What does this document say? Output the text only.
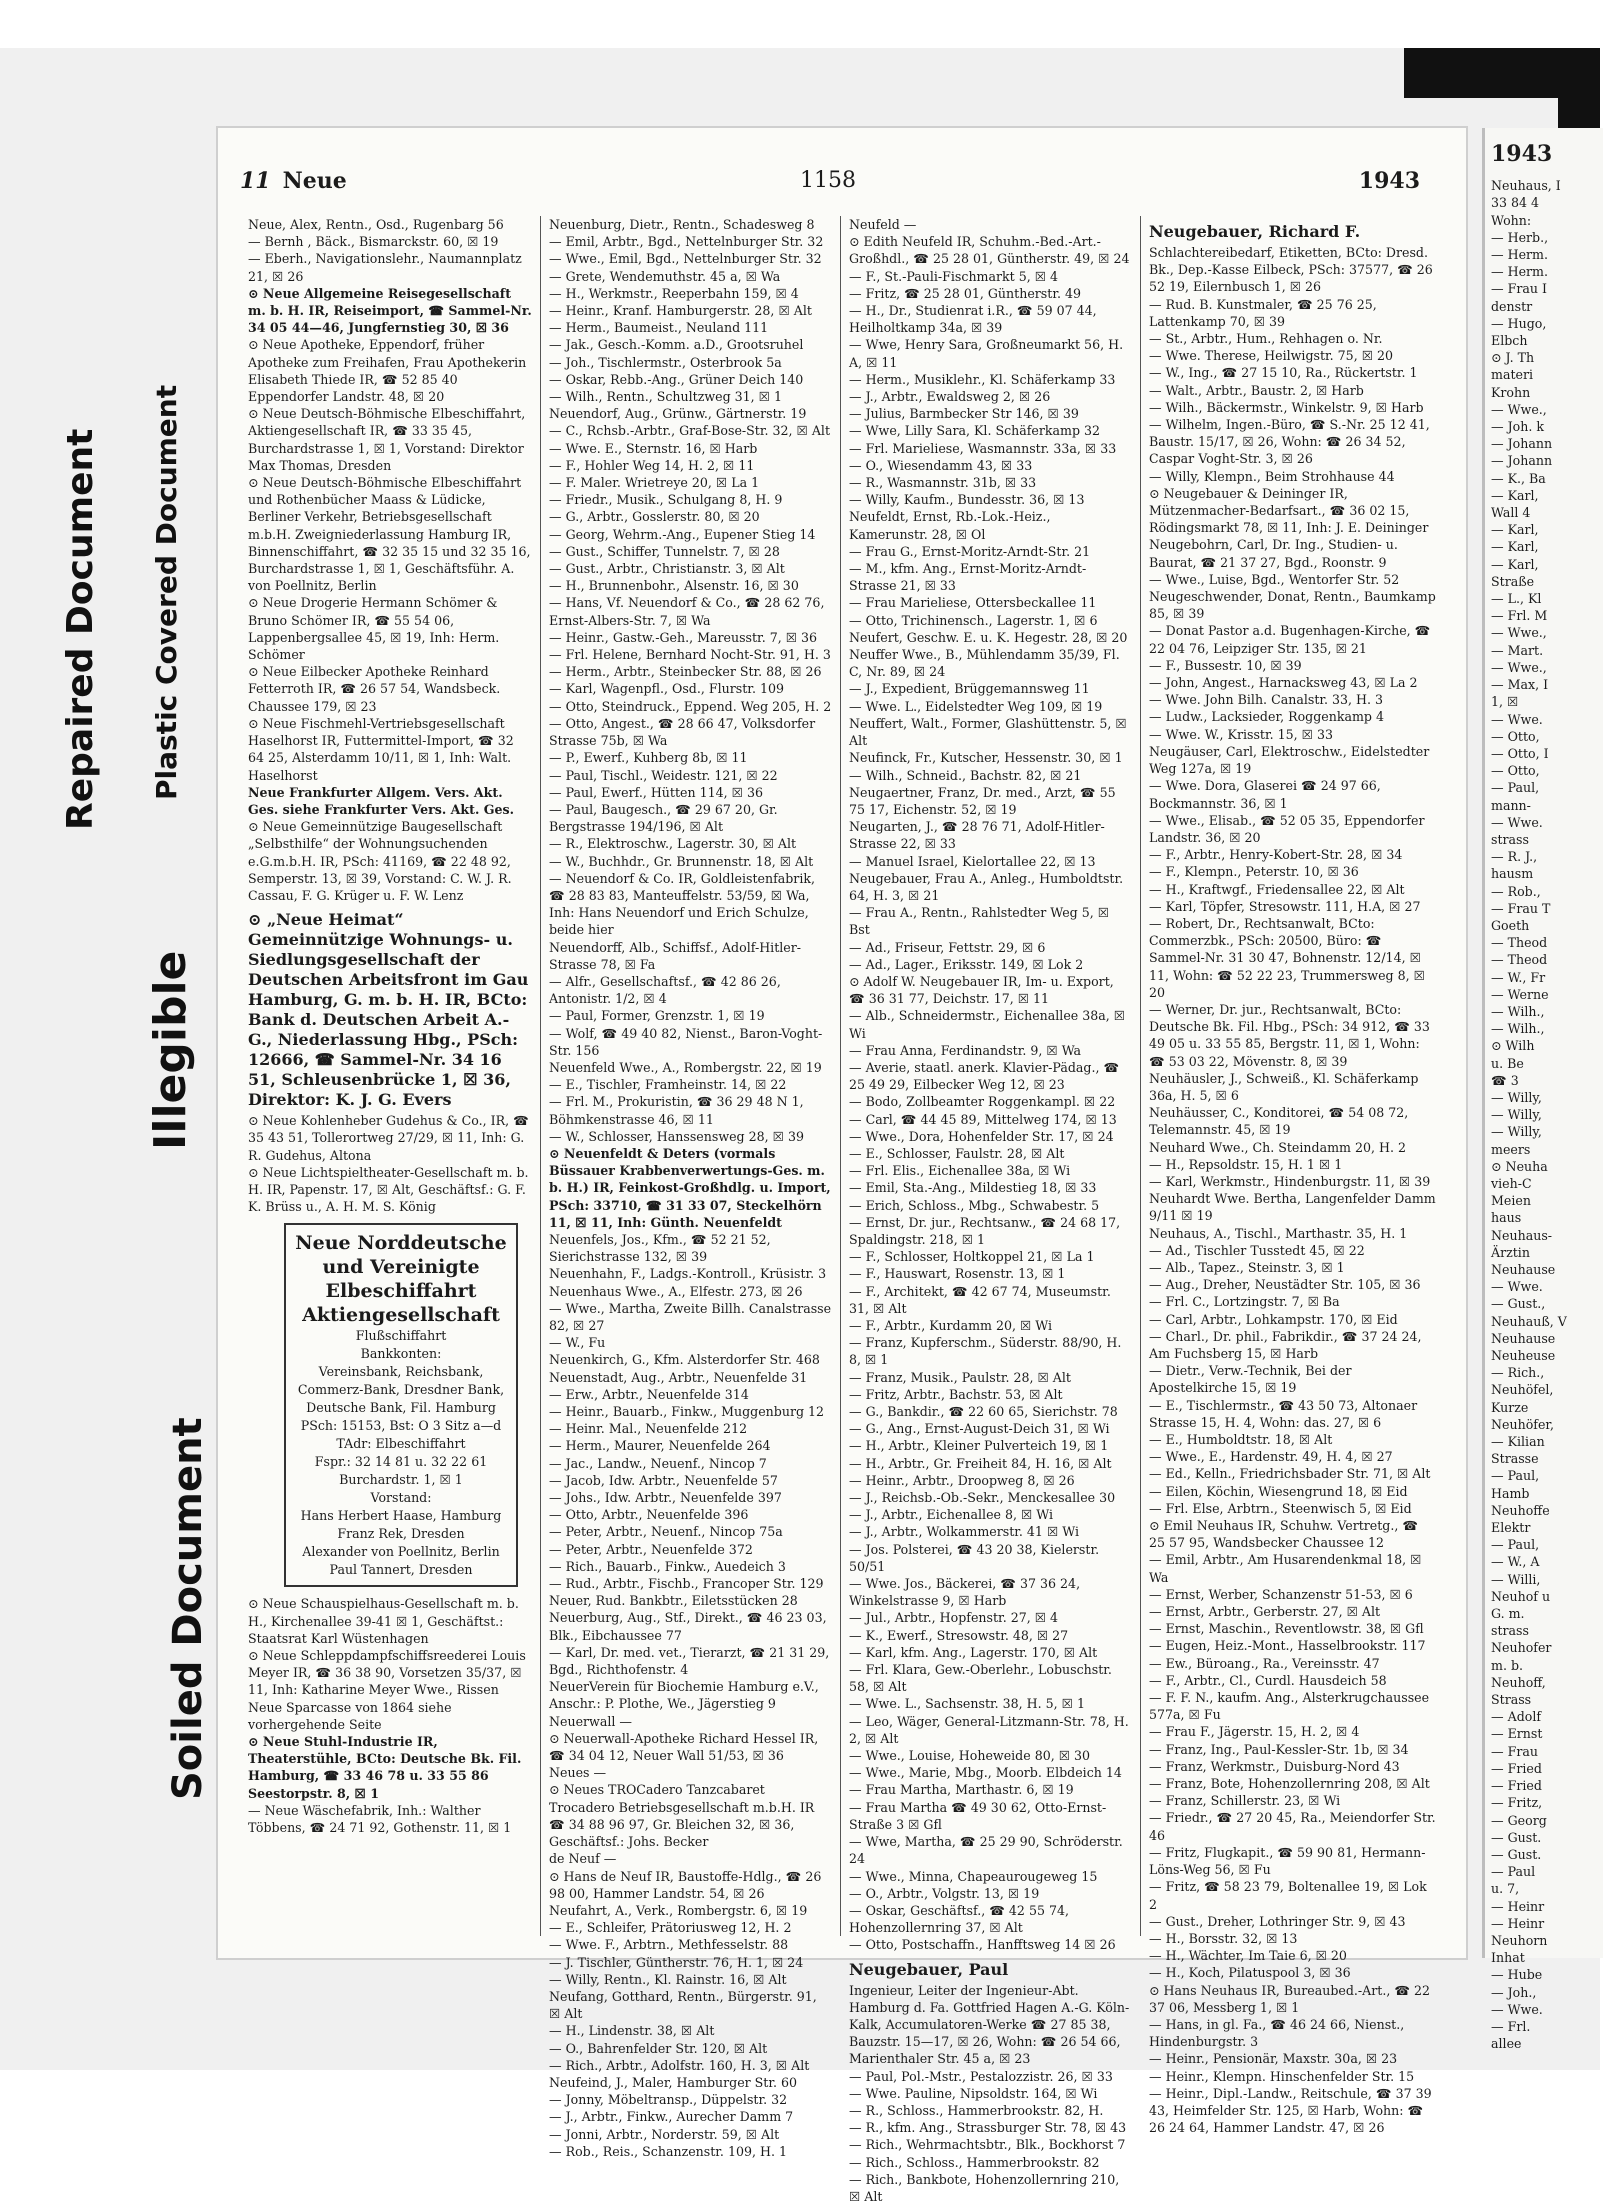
Repaired Document Plastic Covered Document
Illegible
Soiled Document
11 Neue	1158	1943

Neue, Alex, Rentn., Osd., Rugenbarg 56

— Bernh , Bäck., Bismarckstr. 60, ☒ 19

— Eberh., Navigationslehr., Naumannplatz 21, ☒ 26

⊙ Neue Allgemeine Reisegesellschaft m. b. H. IR, Reiseimport, ☎ Sammel-Nr. 34 05 44—46, Jungfernstieg 30, ☒ 36

⊙ Neue Apotheke, Eppendorf, früher Apotheke zum Freihafen, Frau Apothekerin Elisabeth Thiede IR, ☎ 52 85 40 Eppendorfer Landstr. 48, ☒ 20

⊙ Neue Deutsch-Böhmische Elbeschiffahrt, Aktiengesellschaft IR, ☎ 33 35 45, Burchardstrasse 1, ☒ 1, Vorstand: Direktor Max Thomas, Dresden

⊙ Neue Deutsch-Böhmische Elbeschiffahrt und Rothenbücher Maass & Lüdicke, Berliner Verkehr, Betriebsgesellschaft m.b.H. Zweigniederlassung Hamburg IR, Binnenschiffahrt, ☎ 32 35 15 und 32 35 16, Burchardstrasse 1, ☒ 1, Geschäftsführ. A. von Poellnitz, Berlin

⊙ Neue Drogerie Hermann Schömer & Bruno Schömer IR, ☎ 55 54 06, Lappenbergsallee 45, ☒ 19, Inh: Herm. Schömer

⊙ Neue Eilbecker Apotheke Reinhard Fetterroth IR, ☎ 26 57 54, Wandsbeck. Chaussee 179, ☒ 23

⊙ Neue Fischmehl-Vertriebsgesellschaft Haselhorst IR, Futtermittel-Import, ☎ 32 64 25, Alsterdamm 10/11, ☒ 1, Inh: Walt. Haselhorst

Neue Frankfurter Allgem. Vers. Akt. Ges. siehe Frankfurter Vers. Akt. Ges.

⊙ Neue Gemeinnützige Baugesellschaft „Selbsthilfe“ der Wohnungsuchenden e.G.m.b.H. IR, PSch: 41169, ☎ 22 48 92, Semperstr. 13, ☒ 39, Vorstand: C. W. J. R. Cassau, F. G. Krüger u. F. W. Lenz

⊙ „Neue Heimat“ Gemeinnützige Wohnungs- u. Siedlungsgesellschaft der Deutschen Arbeitsfront im Gau Hamburg, G. m. b. H. IR, BCto: Bank d. Deutschen Arbeit A.-G., Niederlassung Hbg., PSch: 12666, ☎ Sammel-Nr. 34 16 51, Schleusenbrücke 1, ☒ 36, Direktor: K. J. G. Evers

⊙ Neue Kohlenheber Gudehus & Co., IR, ☎ 35 43 51, Tollerortweg 27/29, ☒ 11, Inh: G. R. Gudehus, Altona

⊙ Neue Lichtspieltheater-Gesellschaft m. b. H. IR, Papenstr. 17, ☒ Alt, Geschäftsf.: G. F. K. Brüss u., A. H. M. S. König

Neue Norddeutsche und Vereinigte Elbeschiffahrt Aktiengesellschaft
Flußschiffahrt
Bankkonten:
Vereinsbank, Reichsbank, Commerz-Bank, Dresdner Bank, Deutsche Bank, Fil. Hamburg
PSch: 15153, Bst: O 3 Sitz a—d
TAdr: Elbeschiffahrt
Fspr.: 32 14 81 u. 32 22 61
Burchardstr. 1, ☒ 1
Vorstand:
Hans Herbert Haase, Hamburg
Franz Rek, Dresden
Alexander von Poellnitz, Berlin
Paul Tannert, Dresden

⊙ Neue Schauspielhaus-Gesellschaft m. b. H., Kirchenallee 39-41 ☒ 1, Geschäftst.: Staatsrat Karl Wüstenhagen

⊙ Neue Schleppdampfschiffsreederei Louis Meyer IR, ☎ 36 38 90, Vorsetzen 35/37, ☒ 11, Inh: Katharine Meyer Wwe., Rissen

Neue Sparcasse von 1864 siehe vorhergehende Seite

⊙ Neue Stuhl-Industrie IR, Theaterstühle, BCto: Deutsche Bk. Fil. Hamburg, ☎ 33 46 78 u. 33 55 86 Seestorpstr. 8, ☒ 1

— Neue Wäschefabrik, Inh.: Walther Többens, ☎ 24 71 92, Gothenstr. 11, ☒ 1

Neuenburg, Dietr., Rentn., Schadesweg 8

— Emil, Arbtr., Bgd., Nettelnburger Str. 32

— Wwe., Emil, Bgd., Nettelnburger Str. 32

— Grete, Wendemuthstr. 45 a, ☒ Wa

— H., Werkmstr., Reeperbahn 159, ☒ 4

— Heinr., Kranf. Hamburgerstr. 28, ☒ Alt

— Herm., Baumeist., Neuland 111

— Jak., Gesch.-Komm. a.D., Grootsruhel

— Joh., Tischlermstr., Osterbrook 5a

— Oskar, Rebb.-Ang., Grüner Deich 140

— Wilh., Rentn., Schultzweg 31, ☒ 1

Neuendorf, Aug., Grünw., Gärtnerstr. 19

— C., Rchsb.-Arbtr., Graf-Bose-Str. 32, ☒ Alt

— Wwe. E., Sternstr. 16, ☒ Harb

— F., Hohler Weg 14, H. 2, ☒ 11

— F. Maler. Wrietreye 20, ☒ La 1

— Friedr., Musik., Schulgang 8, H. 9

— G., Arbtr., Gosslerstr. 80, ☒ 20

— Georg, Wehrm.-Ang., Eupener Stieg 14

— Gust., Schiffer, Tunnelstr. 7, ☒ 28

— Gust., Arbtr., Christianstr. 3, ☒ Alt

— H., Brunnenbohr., Alsenstr. 16, ☒ 30

— Hans, Vf. Neuendorf & Co., ☎ 28 62 76, Ernst-Albers-Str. 7, ☒ Wa

— Heinr., Gastw.-Geh., Mareusstr. 7, ☒ 36

— Frl. Helene, Bernhard Nocht-Str. 91, H. 3

— Herm., Arbtr., Steinbecker Str. 88, ☒ 26

— Karl, Wagenpfl., Osd., Flurstr. 109

— Otto, Steindruck., Eppend. Weg 205, H. 2

— Otto, Angest., ☎ 28 66 47, Volksdorfer Strasse 75b, ☒ Wa

— P., Ewerf., Kuhberg 8b, ☒ 11

— Paul, Tischl., Weidestr. 121, ☒ 22

— Paul, Ewerf., Hütten 114, ☒ 36

— Paul, Baugesch., ☎ 29 67 20, Gr. Bergstrasse 194/196, ☒ Alt

— R., Elektroschw., Lagerstr. 30, ☒ Alt

— W., Buchhdr., Gr. Brunnenstr. 18, ☒ Alt

— Neuendorf & Co. IR, Goldleistenfabrik, ☎ 28 83 83, Manteuffelstr. 53/59, ☒ Wa, Inh: Hans Neuendorf und Erich Schulze, beide hier

Neuendorff, Alb., Schiffsf., Adolf-Hitler-Strasse 78, ☒ Fa

— Alfr., Gesellschaftsf., ☎ 42 86 26, Antonistr. 1/2, ☒ 4

— Paul, Former, Grenzstr. 1, ☒ 19

— Wolf, ☎ 49 40 82, Nienst., Baron-Voght-Str. 156

Neuenfeld Wwe., A., Rombergstr. 22, ☒ 19

— E., Tischler, Framheinstr. 14, ☒ 22

— Frl. M., Prokuristin, ☎ 36 29 48 N 1, Böhmkenstrasse 46, ☒ 11

— W., Schlosser, Hanssensweg 28, ☒ 39

⊙ Neuenfeldt & Deters (vormals Büssauer Krabbenverwertungs-Ges. m. b. H.) IR, Feinkost-Großhdlg. u. Import, PSch: 33710, ☎ 31 33 07, Steckelhörn 11, ☒ 11, Inh: Günth. Neuenfeldt

Neuenfels, Jos., Kfm., ☎ 52 21 52, Sierichstrasse 132, ☒ 39

Neuenhahn, F., Ladgs.-Kontroll., Krüsistr. 3

Neuenhaus Wwe., A., Elfestr. 273, ☒ 26

— Wwe., Martha, Zweite Billh. Canalstrasse 82, ☒ 27

— W., Fu

Neuenkirch, G., Kfm. Alsterdorfer Str. 468

Neuenstadt, Aug., Arbtr., Neuenfelde 31

— Erw., Arbtr., Neuenfelde 314

— Heinr., Bauarb., Finkw., Muggenburg 12

— Heinr. Mal., Neuenfelde 212

— Herm., Maurer, Neuenfelde 264

— Jac., Landw., Neuenf., Nincop 7

— Jacob, Idw. Arbtr., Neuenfelde 57

— Johs., Idw. Arbtr., Neuenfelde 397

— Otto, Arbtr., Neuenfelde 396

— Peter, Arbtr., Neuenf., Nincop 75a

— Peter, Arbtr., Neuenfelde 372

— Rich., Bauarb., Finkw., Auedeich 3

— Rud., Arbtr., Fischb., Francoper Str. 129

Neuer, Rud. Bankbtr., Eiletsstücken 28

Neuerburg, Aug., Stf., Direkt., ☎ 46 23 03, Blk., Eibchaussee 77

— Karl, Dr. med. vet., Tierarzt, ☎ 21 31 29, Bgd., Richthofenstr. 4

NeuerVerein für Biochemie Hamburg e.V., Anschr.: P. Plothe, We., Jägerstieg 9

Neuerwall —

⊙ Neuerwall-Apotheke Richard Hessel IR, ☎ 34 04 12, Neuer Wall 51/53, ☒ 36

Neues —

⊙ Neues TROCadero Tanzcabaret Trocadero Betriebsgesellschaft m.b.H. IR ☎ 34 88 96 97, Gr. Bleichen 32, ☒ 36, Geschäftsf.: Johs. Becker

de Neuf —

⊙ Hans de Neuf IR, Baustoffe-Hdlg., ☎ 26 98 00, Hammer Landstr. 54, ☒ 26

Neufahrt, A., Verk., Rombergstr. 6, ☒ 19

— E., Schleifer, Prätoriusweg 12, H. 2

— Wwe. F., Arbtrn., Methfesselstr. 88

— J. Tischler, Güntherstr. 76, H. 1, ☒ 24

— Willy, Rentn., Kl. Rainstr. 16, ☒ Alt

Neufang, Gotthard, Rentn., Bürgerstr. 91, ☒ Alt

— H., Lindenstr. 38, ☒ Alt

— O., Bahrenfelder Str. 120, ☒ Alt

— Rich., Arbtr., Adolfstr. 160, H. 3, ☒ Alt

Neufeind, J., Maler, Hamburger Str. 60

— Jonny, Möbeltransp., Düppelstr. 32

— J., Arbtr., Finkw., Aurecher Damm 7

— Jonni, Arbtr., Norderstr. 59, ☒ Alt

— Rob., Reis., Schanzenstr. 109, H. 1

Neufeld —

⊙ Edith Neufeld IR, Schuhm.-Bed.-Art.-Großhdl., ☎ 25 28 01, Güntherstr. 49, ☒ 24

— F., St.-Pauli-Fischmarkt 5, ☒ 4

— Fritz, ☎ 25 28 01, Güntherstr. 49

— H., Dr., Studienrat i.R., ☎ 59 07 44, Heilholtkamp 34a, ☒ 39

— Wwe, Henry Sara, Großneumarkt 56, H. A, ☒ 11

— Herm., Musiklehr., Kl. Schäferkamp 33

— J., Arbtr., Ewaldsweg 2, ☒ 26

— Julius, Barmbecker Str 146, ☒ 39

— Wwe, Lilly Sara, Kl. Schäferkamp 32

— Frl. Marieliese, Wasmannstr. 33a, ☒ 33

— O., Wiesendamm 43, ☒ 33

— R., Wasmannstr. 31b, ☒ 33

— Willy, Kaufm., Bundesstr. 36, ☒ 13

Neufeldt, Ernst, Rb.-Lok.-Heiz., Kamerunstr. 28, ☒ Ol

— Frau G., Ernst-Moritz-Arndt-Str. 21

— M., kfm. Ang., Ernst-Moritz-Arndt-Strasse 21, ☒ 33

— Frau Marieliese, Ottersbeckallee 11

— Otto, Trichinensch., Lagerstr. 1, ☒ 6

Neufert, Geschw. E. u. K. Hegestr. 28, ☒ 20

Neuffer Wwe., B., Mühlendamm 35/39, Fl. C, Nr. 89, ☒ 24

— J., Expedient, Brüggemannsweg 11

— Wwe. L., Eidelstedter Weg 109, ☒ 19

Neuffert, Walt., Former, Glashüttenstr. 5, ☒ Alt

Neufinck, Fr., Kutscher, Hessenstr. 30, ☒ 1

— Wilh., Schneid., Bachstr. 82, ☒ 21

Neugaertner, Franz, Dr. med., Arzt, ☎ 55 75 17, Eichenstr. 52, ☒ 19

Neugarten, J., ☎ 28 76 71, Adolf-Hitler-Strasse 22, ☒ 33

— Manuel Israel, Kielortallee 22, ☒ 13

Neugebauer, Frau A., Anleg., Humboldtstr. 64, H. 3, ☒ 21

— Frau A., Rentn., Rahlstedter Weg 5, ☒ Bst

— Ad., Friseur, Fettstr. 29, ☒ 6

— Ad., Lager., Eriksstr. 149, ☒ Lok 2

⊙ Adolf W. Neugebauer IR, Im- u. Export, ☎ 36 31 77, Deichstr. 17, ☒ 11

— Alb., Schneidermstr., Eichenallee 38a, ☒ Wi

— Frau Anna, Ferdinandstr. 9, ☒ Wa

— Averie, staatl. anerk. Klavier-Pädag., ☎ 25 49 29, Eilbecker Weg 12, ☒ 23

— Bodo, Zollbeamter Roggenkampl. ☒ 22

— Carl, ☎ 44 45 89, Mittelweg 174, ☒ 13

— Wwe., Dora, Hohenfelder Str. 17, ☒ 24

— E., Schlosser, Faulstr. 28, ☒ Alt

— Frl. Elis., Eichenallee 38a, ☒ Wi

— Emil, Sta.-Ang., Mildestieg 18, ☒ 33

— Erich, Schloss., Mbg., Schwabestr. 5

— Ernst, Dr. jur., Rechtsanw., ☎ 24 68 17, Spaldingstr. 218, ☒ 1

— F., Schlosser, Holtkoppel 21, ☒ La 1

— F., Hauswart, Rosenstr. 13, ☒ 1

— F., Architekt, ☎ 42 67 74, Museumstr. 31, ☒ Alt

— F., Arbtr., Kurdamm 20, ☒ Wi

— Franz, Kupferschm., Süderstr. 88/90, H. 8, ☒ 1

— Franz, Musik., Paulstr. 28, ☒ Alt

— Fritz, Arbtr., Bachstr. 53, ☒ Alt

— G., Bankdir., ☎ 22 60 65, Sierichstr. 78

— G., Ang., Ernst-August-Deich 31, ☒ Wi

— H., Arbtr., Kleiner Pulverteich 19, ☒ 1

— H., Arbtr., Gr. Freiheit 84, H. 16, ☒ Alt

— Heinr., Arbtr., Droopweg 8, ☒ 26

— J., Reichsb.-Ob.-Sekr., Menckesallee 30

— J., Arbtr., Eichenallee 8, ☒ Wi

— J., Arbtr., Wolkammerstr. 41 ☒ Wi

— Jos. Polsterei, ☎ 43 20 38, Kielerstr. 50/51

— Wwe. Jos., Bäckerei, ☎ 37 36 24, Winkelstrasse 9, ☒ Harb

— Jul., Arbtr., Hopfenstr. 27, ☒ 4

— K., Ewerf., Stresowstr. 48, ☒ 27

— Karl, kfm. Ang., Lagerstr. 170, ☒ Alt

— Frl. Klara, Gew.-Oberlehr., Lobuschstr. 58, ☒ Alt

— Wwe. L., Sachsenstr. 38, H. 5, ☒ 1

— Leo, Wäger, General-Litzmann-Str. 78, H. 2, ☒ Alt

— Wwe., Louise, Hoheweide 80, ☒ 30

— Wwe., Marie, Mbg., Moorb. Elbdeich 14

— Frau Martha, Marthastr. 6, ☒ 19

— Frau Martha ☎ 49 30 62, Otto-Ernst-Straße 3 ☒ Gfl

— Wwe, Martha, ☎ 25 29 90, Schröderstr. 24

— Wwe., Minna, Chapeaurougeweg 15

— O., Arbtr., Volgstr. 13, ☒ 19

— Oskar, Geschäftsf., ☎ 42 55 74, Hohenzollernring 37, ☒ Alt

— Otto, Postschaffn., Hanfftsweg 14 ☒ 26

Neugebauer, Paul

Ingenieur, Leiter der Ingenieur-Abt. Hamburg d. Fa. Gottfried Hagen A.-G. Köln-Kalk, Accumulatoren-Werke ☎ 27 85 38, Bauzstr. 15—17, ☒ 26, Wohn: ☎ 26 54 66, Marienthaler Str. 45 a, ☒ 23

— Paul, Pol.-Mstr., Pestalozzistr. 26, ☒ 33

— Wwe. Pauline, Nipsoldstr. 164, ☒ Wi

— R., Schloss., Hammerbrookstr. 82, H.

— R., kfm. Ang., Strassburger Str. 78, ☒ 43

— Rich., Wehrmachtsbtr., Blk., Bockhorst 7

— Rich., Schloss., Hammerbrookstr. 82

— Rich., Bankbote, Hohenzollernring 210, ☒ Alt

Neugebauer, Richard F.

Schlachtereibedarf, Etiketten, BCto: Dresd. Bk., Dep.-Kasse Eilbeck, PSch: 37577, ☎ 26 52 19, Eilernbusch 1, ☒ 26

— Rud. B. Kunstmaler, ☎ 25 76 25, Lattenkamp 70, ☒ 39

— St., Arbtr., Hum., Rehhagen o. Nr.

— Wwe. Therese, Heilwigstr. 75, ☒ 20

— W., Ing., ☎ 27 15 10, Ra., Rückertstr. 1

— Walt., Arbtr., Baustr. 2, ☒ Harb

— Wilh., Bäckermstr., Winkelstr. 9, ☒ Harb

— Wilhelm, Ingen.-Büro, ☎ S.-Nr. 25 12 41, Baustr. 15/17, ☒ 26, Wohn: ☎ 26 34 52, Caspar Voght-Str. 3, ☒ 26

— Willy, Klempn., Beim Strohhause 44

⊙ Neugebauer & Deininger IR, Mützenmacher-Bedarfsart., ☎ 36 02 15, Rödingsmarkt 78, ☒ 11, Inh: J. E. Deininger

Neugebohrn, Carl, Dr. Ing., Studien- u. Baurat, ☎ 21 37 27, Bgd., Roonstr. 9

— Wwe., Luise, Bgd., Wentorfer Str. 52

Neugeschwender, Donat, Rentn., Baumkamp 85, ☒ 39

— Donat Pastor a.d. Bugenhagen-Kirche, ☎ 22 04 76, Leipziger Str. 135, ☒ 21

— F., Bussestr. 10, ☒ 39

— John, Angest., Harnacksweg 43, ☒ La 2

— Wwe. John Bilh. Canalstr. 33, H. 3

— Ludw., Lacksieder, Roggenkamp 4

— Wwe. W., Krisstr. 15, ☒ 33

Neugäuser, Carl, Elektroschw., Eidelstedter Weg 127a, ☒ 19

— Wwe. Dora, Glaserei ☎ 24 97 66, Bockmannstr. 36, ☒ 1

— Wwe., Elisab., ☎ 52 05 35, Eppendorfer Landstr. 36, ☒ 20

— F., Arbtr., Henry-Kobert-Str. 28, ☒ 34

— F., Klempn., Peterstr. 10, ☒ 36

— H., Kraftwgf., Friedensallee 22, ☒ Alt

— Karl, Töpfer, Stresowstr. 111, H.A, ☒ 27

— Robert, Dr., Rechtsanwalt, BCto: Commerzbk., PSch: 20500, Büro: ☎ Sammel-Nr. 31 30 47, Bohnenstr. 12/14, ☒ 11, Wohn: ☎ 52 22 23, Trummersweg 8, ☒ 20

— Werner, Dr. jur., Rechtsanwalt, BCto: Deutsche Bk. Fil. Hbg., PSch: 34 912, ☎ 33 49 05 u. 33 55 85, Bergstr. 11, ☒ 1, Wohn: ☎ 53 03 22, Mövenstr. 8, ☒ 39

Neuhäusler, J., Schweiß., Kl. Schäferkamp 36a, H. 5, ☒ 6

Neuhäusser, C., Konditorei, ☎ 54 08 72, Telemannstr. 45, ☒ 19

Neuhard Wwe., Ch. Steindamm 20, H. 2

— H., Repsoldstr. 15, H. 1 ☒ 1

— Karl, Werkmstr., Hindenburgstr. 11, ☒ 39

Neuhardt Wwe. Bertha, Langenfelder Damm 9/11 ☒ 19

Neuhaus, A., Tischl., Marthastr. 35, H. 1

— Ad., Tischler Tusstedt 45, ☒ 22

— Alb., Tapez., Steinstr. 3, ☒ 1

— Aug., Dreher, Neustädter Str. 105, ☒ 36

— Frl. C., Lortzingstr. 7, ☒ Ba

— Carl, Arbtr., Lohkampstr. 170, ☒ Eid

— Charl., Dr. phil., Fabrikdir., ☎ 37 24 24, Am Fuchsberg 15, ☒ Harb

— Dietr., Verw.-Technik, Bei der Apostelkirche 15, ☒ 19

— E., Tischlermstr., ☎ 43 50 73, Altonaer Strasse 15, H. 4, Wohn: das. 27, ☒ 6

— E., Humboldtstr. 18, ☒ Alt

— Wwe., E., Hardenstr. 49, H. 4, ☒ 27

— Ed., Kelln., Friedrichsbader Str. 71, ☒ Alt

— Eilen, Köchin, Wiesengrund 18, ☒ Eid

— Frl. Else, Arbtrn., Steenwisch 5, ☒ Eid

⊙ Emil Neuhaus IR, Schuhw. Vertretg., ☎ 25 57 95, Wandsbecker Chaussee 12

— Emil, Arbtr., Am Husarendenkmal 18, ☒ Wa

— Ernst, Werber, Schanzenstr 51-53, ☒ 6

— Ernst, Arbtr., Gerberstr. 27, ☒ Alt

— Ernst, Maschin., Reventlowstr. 38, ☒ Gfl

— Eugen, Heiz.-Mont., Hasselbrookstr. 117

— Ew., Büroang., Ra., Vereinsstr. 47

— F., Arbtr., Cl., Curdl. Hausdeich 58

— F. F. N., kaufm. Ang., Alsterkrugchaussee 577a, ☒ Fu

— Frau F., Jägerstr. 15, H. 2, ☒ 4

— Franz, Ing., Paul-Kessler-Str. 1b, ☒ 34

— Franz, Werkmstr., Duisburg-Nord 43

— Franz, Bote, Hohenzollernring 208, ☒ Alt

— Franz, Schillerstr. 23, ☒ Wi

— Friedr., ☎ 27 20 45, Ra., Meiendorfer Str. 46

— Fritz, Flugkapit., ☎ 59 90 81, Hermann-Löns-Weg 56, ☒ Fu

— Fritz, ☎ 58 23 79, Boltenallee 19, ☒ Lok 2

— Gust., Dreher, Lothringer Str. 9, ☒ 43

— H., Borsstr. 32, ☒ 13

— H., Wächter, Im Taie 6, ☒ 20

— H., Koch, Pilatuspool 3, ☒ 36

⊙ Hans Neuhaus IR, Bureaubed.-Art., ☎ 22 37 06, Messberg 1, ☒ 1

— Hans, in gl. Fa., ☎ 46 24 66, Nienst., Hindenburgstr. 3

— Heinr., Pensionär, Maxstr. 30a, ☒ 23

— Heinr., Klempn. Hinschenfelder Str. 15

— Heinr., Dipl.-Landw., Reitschule, ☎ 37 39 43, Heimfelder Str. 125, ☒ Harb, Wohn: ☎ 26 24 64, Hammer Landstr. 47, ☒ 26

1943
Neuhaus, I
33 84 4
Wohn:
— Herb.,
— Herm.
— Herm.
— Frau I
denstr
— Hugo,
Elbch
⊙ J. Th
materi
Krohn
— Wwe.,
— Joh. k
— Johann
— Johann
— K., Ba
— Karl,
Wall 4
— Karl,
— Karl,
— Karl,
Straße
— L., Kl
— Frl. M
— Wwe.,
— Mart.
— Wwe.,
— Max, I
1, ☒
— Wwe.
— Otto,
— Otto, I
— Otto,
— Paul,
mann-
— Wwe.
strass
— R. J.,
hausm
— Rob.,
— Frau T
Goeth
— Theod
— Theod
— W., Fr
— Werne
— Wilh.,
— Wilh.,
⊙ Wilh
u. Be
☎ 3
— Willy,
— Willy,
— Willy,
meers
⊙ Neuha
vieh-C
Meien
haus
Neuhaus-
Ärztin
Neuhause
— Wwe.
— Gust.,
Neuhauß, V
Neuhause
Neuheuse
— Rich.,
Neuhöfel,
Kurze
Neuhöfer,
— Kilian
Strasse
— Paul,
Hamb
Neuhoffe
Elektr
— Paul,
— W., A
— Willi,
Neuhof u
G. m.
strass
Neuhofer
m. b.
Neuhoff,
Strass
— Adolf
— Ernst
— Frau
— Fried
— Fried
— Fritz,
— Georg
— Gust.
— Gust.
— Paul
u. 7,
— Heinr
— Heinr
Neuhorn
Inhat
— Hube
— Joh.,
— Wwe.
— Frl.
allee
